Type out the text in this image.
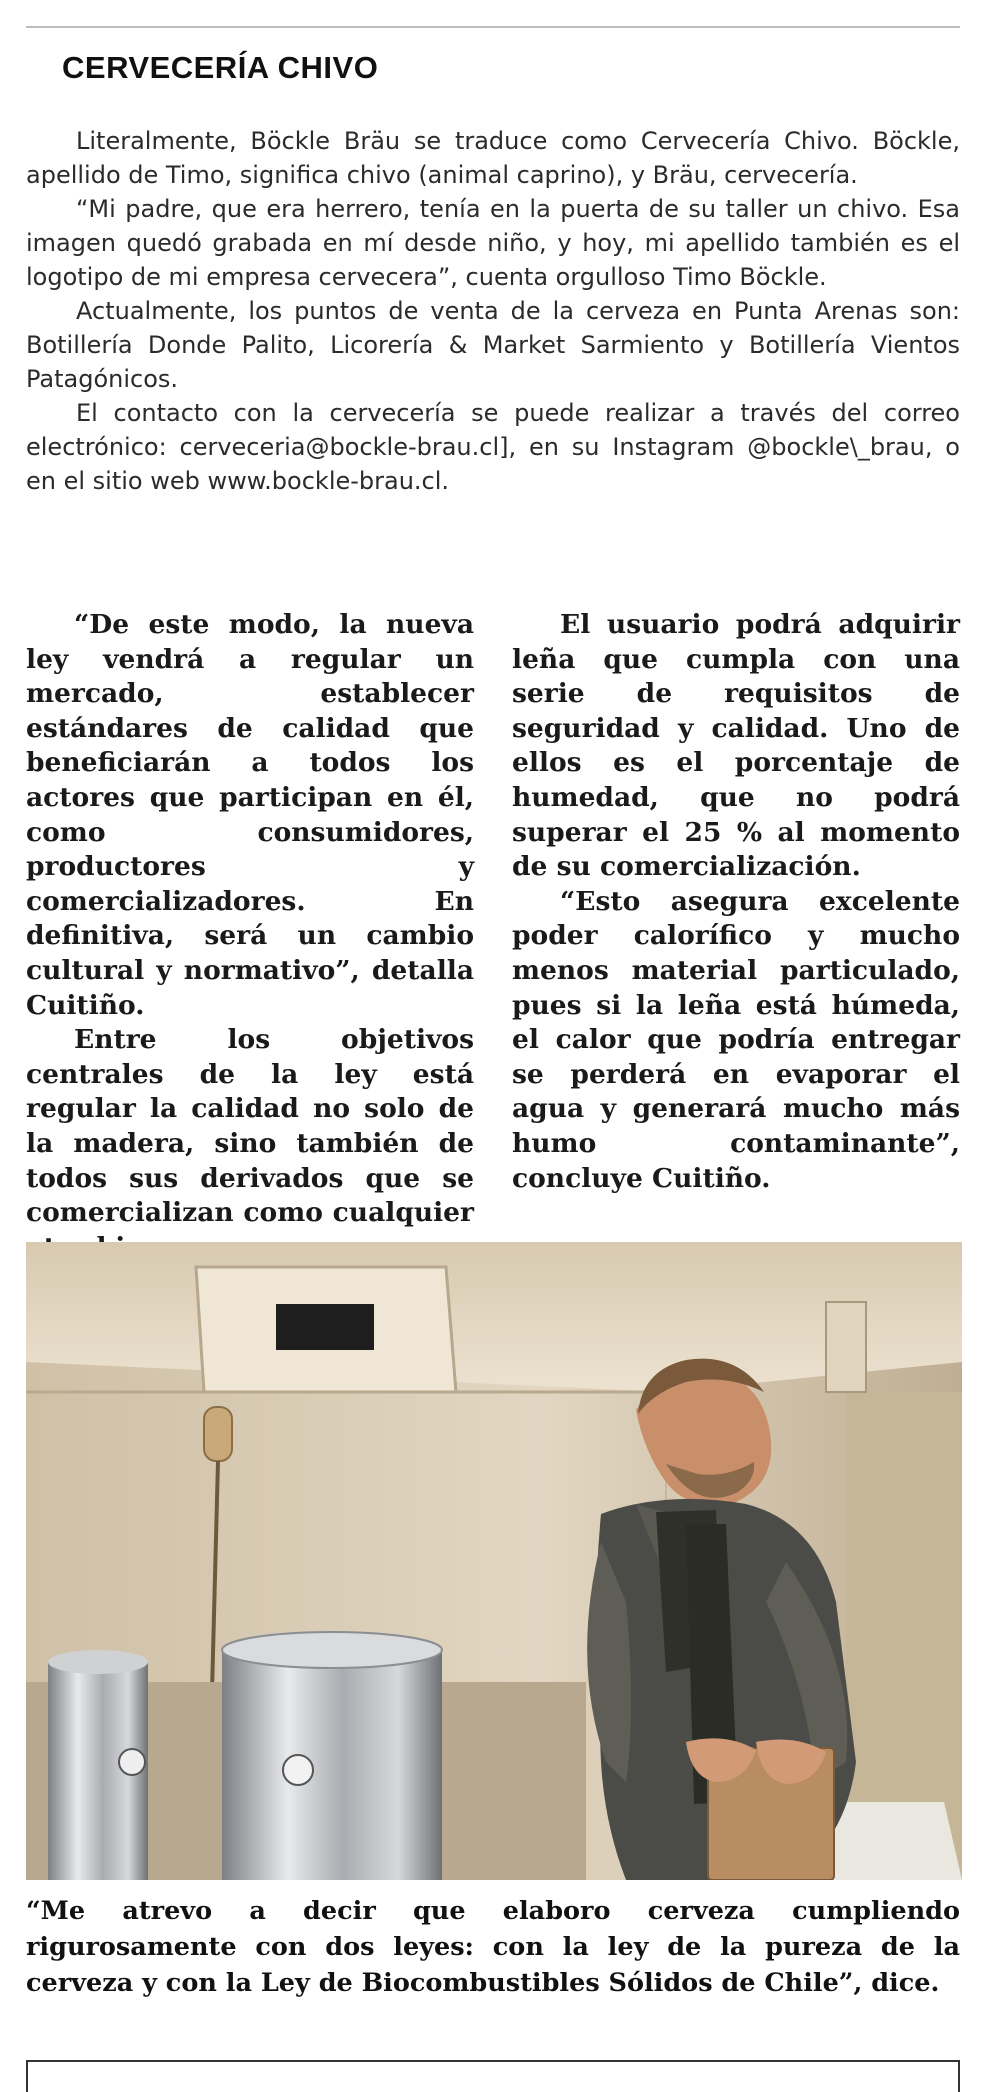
CERVECERÍA CHIVO

Literalmente, Böckle Bräu se traduce como Cervecería Chivo. Böckle, apellido de Timo, significa chivo (animal caprino), y Bräu, cervecería.

“Mi padre, que era herrero, tenía en la puerta de su taller un chivo. Esa imagen quedó grabada en mí desde niño, y hoy, mi apellido también es el logotipo de mi empresa cervecera”, cuenta orgulloso Timo Böckle.

Actualmente, los puntos de venta de la cerveza en Punta Arenas son: Botillería Donde Palito, Licorería & Market Sarmiento y Botillería Vientos Patagónicos.

El contacto con la cervecería se puede realizar a través del correo electrónico: cerveceria@bockle-brau.cl], en su Instagram @bockle\_brau, o en el sitio web www.bockle-brau.cl.

“De este modo, la nueva ley vendrá a regular un mercado, establecer estándares de calidad que beneficiarán a todos los actores que participan en él, como consumidores, productores y comercializadores. En definitiva, será un cambio cultural y normativo”, detalla Cuitiño.

Entre los objetivos centrales de la ley está regular la calidad no solo de la madera, sino también de todos sus derivados que se comercializan como cualquier

El usuario podrá adquirir leña que cumpla con una serie de requisitos de seguridad y calidad. Uno de ellos es el porcentaje de humedad, que no podrá superar el 25 % al momento de su comercialización.

“Esto asegura excelente poder calorífico y mucho menos material particulado, pues si la leña está húmeda, el calor que podría entregar se perderá en evaporar el agua y generará mucho más humo contaminante”, concluye Cuitiño.

“Me atrevo a decir que elaboro cerveza cumpliendo rigurosamente con dos leyes: con la ley de la pureza de la cerveza y con la Ley de Biocombustibles Sólidos de Chile”, dice.
